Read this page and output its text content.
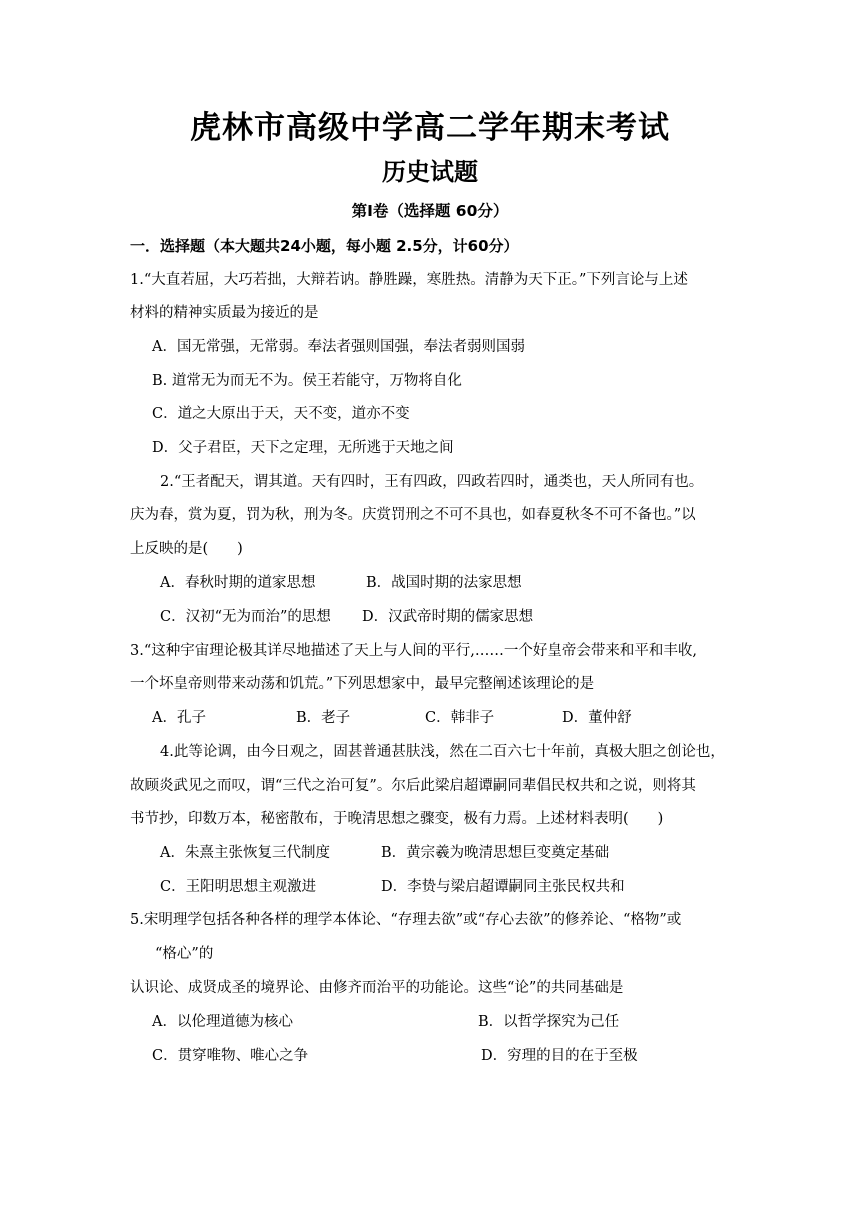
虎林市高级中学高二学年期末考试
历史试题
第Ⅰ卷（选择题 60分）
一．选择题（本大题共24小题，每小题 2.5分，计60分）
1.“大直若屈，大巧若拙，大辩若讷。静胜躁，寒胜热。清静为天下正。”下列言论与上述
材料的精神实质最为接近的是
A．国无常强，无常弱。奉法者强则国强，奉法者弱则国弱
B. 道常无为而无不为。侯王若能守，万物将自化
C．道之大原出于天，天不变，道亦不变
D．父子君臣，天下之定理，无所逃于天地之间
2.“王者配天，谓其道。天有四时，王有四政，四政若四时，通类也，天人所同有也。
庆为春，赏为夏，罚为秋，刑为冬。庆赏罚刑之不可不具也，如春夏秋冬不可不备也。”以
上反映的是(　　)
A．春秋时期的道家思想	B．战国时期的法家思想
C．汉初“无为而治”的思想 D．汉武帝时期的儒家思想
3.“这种宇宙理论极其详尽地描述了天上与人间的平行,……一个好皇帝会带来和平和丰收,
一个坏皇帝则带来动荡和饥荒。”下列思想家中，最早完整阐述该理论的是
A．孔子	B．老子	C．韩非子	D．董仲舒
4.此等论调，由今日观之，固甚普通甚肤浅，然在二百六七十年前，真极大胆之创论也，
故顾炎武见之而叹，谓“三代之治可复”。尔后此梁启超谭嗣同辈倡民权共和之说，则将其
书节抄，印数万本，秘密散布，于晚清思想之骤变，极有力焉。上述材料表明(　　)
A．朱熹主张恢复三代制度	B．黄宗羲为晚清思想巨变奠定基础
C．王阳明思想主观激进	D．李贽与梁启超谭嗣同主张民权共和
5.宋明理学包括各种各样的理学本体论、“存理去欲”或“存心去欲”的修养论、“格物”或
“格心”的
认识论、成贤成圣的境界论、由修齐而治平的功能论。这些“论”的共同基础是
A．以伦理道德为核心	B．以哲学探究为己任
C．贯穿唯物、唯心之争	D．穷理的目的在于至极
